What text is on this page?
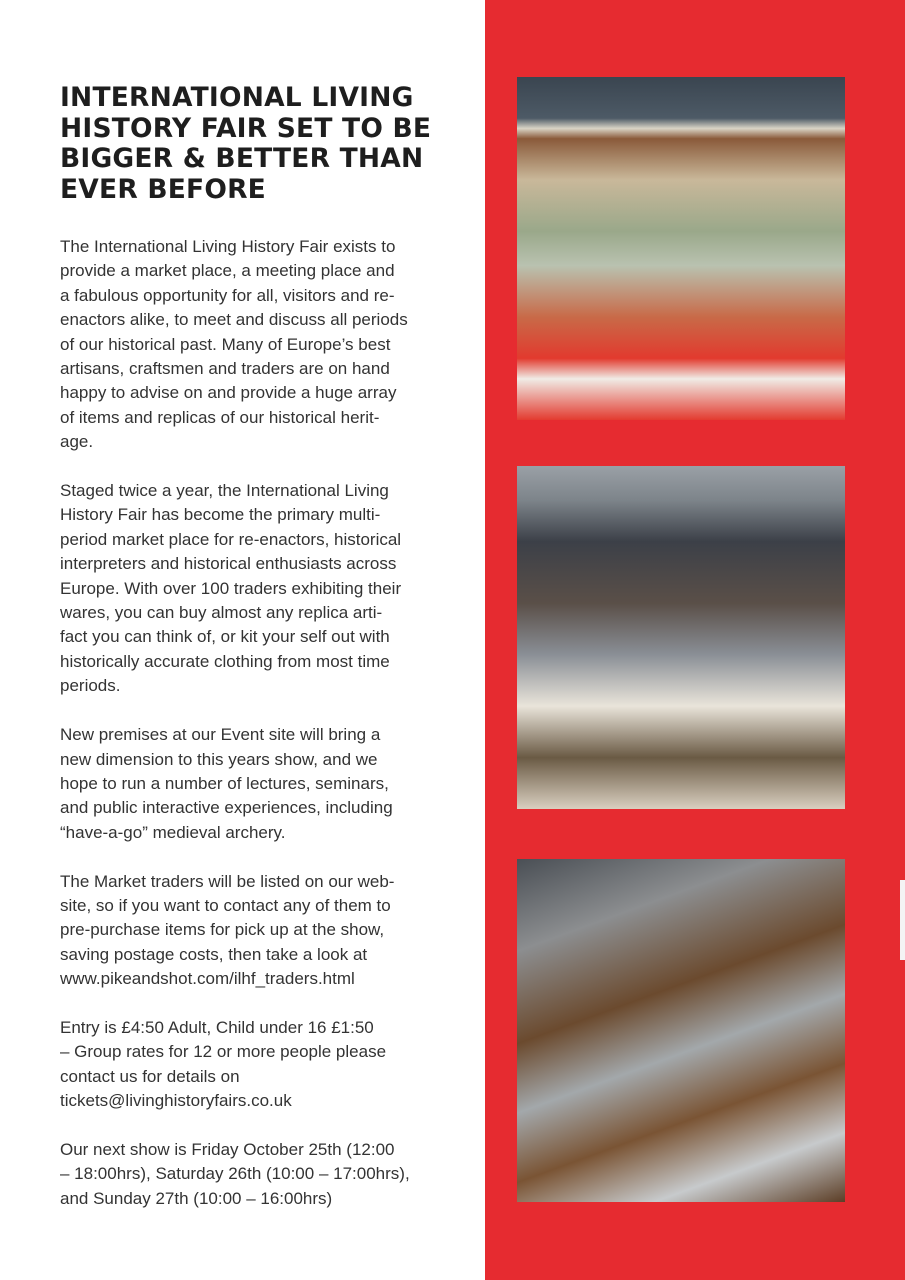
INTERNATIONAL LIVING
HISTORY FAIR SET TO BE
BIGGER & BETTER THAN
EVER BEFORE

The International Living History Fair exists to
provide a market place, a meeting place and
a fabulous opportunity for all, visitors and re-
enactors alike, to meet and discuss all periods
of our historical past. Many of Europe’s best
artisans, craftsmen and traders are on hand
happy to advise on and provide a huge array
of items and replicas of our historical herit-
age.

Staged twice a year, the International Living
History Fair has become the primary multi-
period market place for re-enactors, historical
interpreters and historical enthusiasts across
Europe. With over 100 traders exhibiting their
wares, you can buy almost any replica arti-
fact you can think of, or kit your self out with
historically accurate clothing from most time
periods.

New premises at our Event site will bring a
new dimension to this years show, and we
hope to run a number of lectures, seminars,
and public interactive experiences, including
“have-a-go” medieval archery.

The Market traders will be listed on our web-
site, so if you want to contact any of them to
pre-purchase items for pick up at the show,
saving postage costs, then take a look at
www.pikeandshot.com/ilhf_traders.html

Entry is £4:50 Adult, Child under 16 £1:50
– Group rates for 12 or more people please
contact us for details on
tickets@livinghistoryfairs.co.uk

Our next show is Friday October 25th (12:00
– 18:00hrs), Saturday 26th (10:00 – 17:00hrs),
and Sunday 27th (10:00 – 16:00hrs)
